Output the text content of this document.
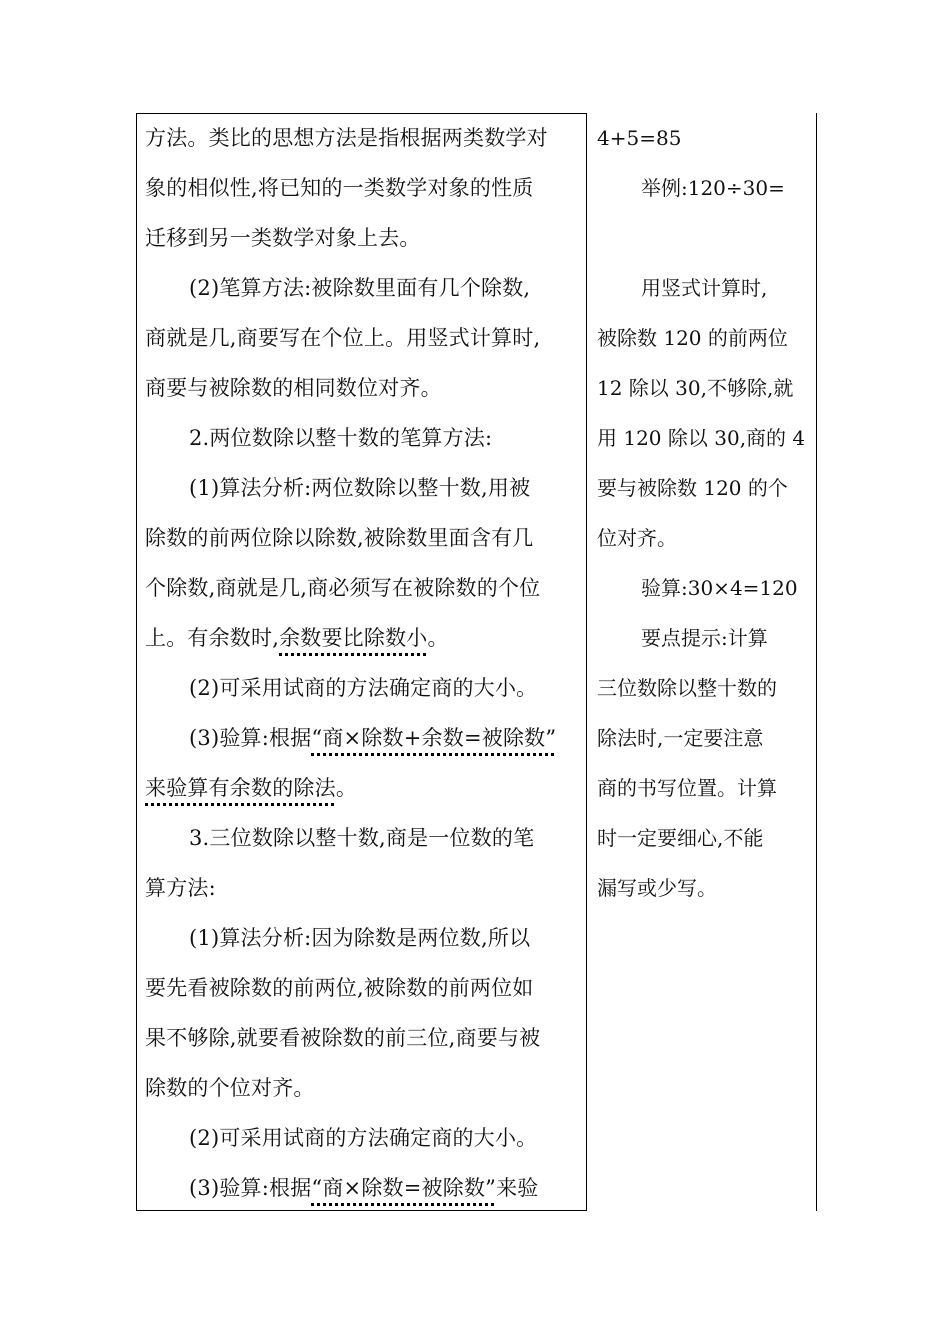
方法。类比的思想方法是指根据两类数学对

象的相似性,将已知的一类数学对象的性质

迁移到另一类数学对象上去。

(2)笔算方法:被除数里面有几个除数,

商就是几,商要写在个位上。用竖式计算时,

商要与被除数的相同数位对齐。

2.两位数除以整十数的笔算方法:

(1)算法分析:两位数除以整十数,用被

除数的前两位除以除数,被除数里面含有几

个除数,商就是几,商必须写在被除数的个位

上。有余数时,余数要比除数小。

(2)可采用试商的方法确定商的大小。

(3)验算:根据“商×除数+余数=被除数”

来验算有余数的除法。

3.三位数除以整十数,商是一位数的笔

算方法:

(1)算法分析:因为除数是两位数,所以

要先看被除数的前两位,被除数的前两位如

果不够除,就要看被除数的前三位,商要与被

除数的个位对齐。

(2)可采用试商的方法确定商的大小。

(3)验算:根据“商×除数=被除数”来验

4+5=85

举例:120÷30=

用竖式计算时,

被除数 120 的前两位

12 除以 30,不够除,就

用 120 除以 30,商的 4

要与被除数 120 的个

位对齐。

验算:30×4=120

要点提示:计算

三位数除以整十数的

除法时,一定要注意

商的书写位置。计算

时一定要细心,不能

漏写或少写。
